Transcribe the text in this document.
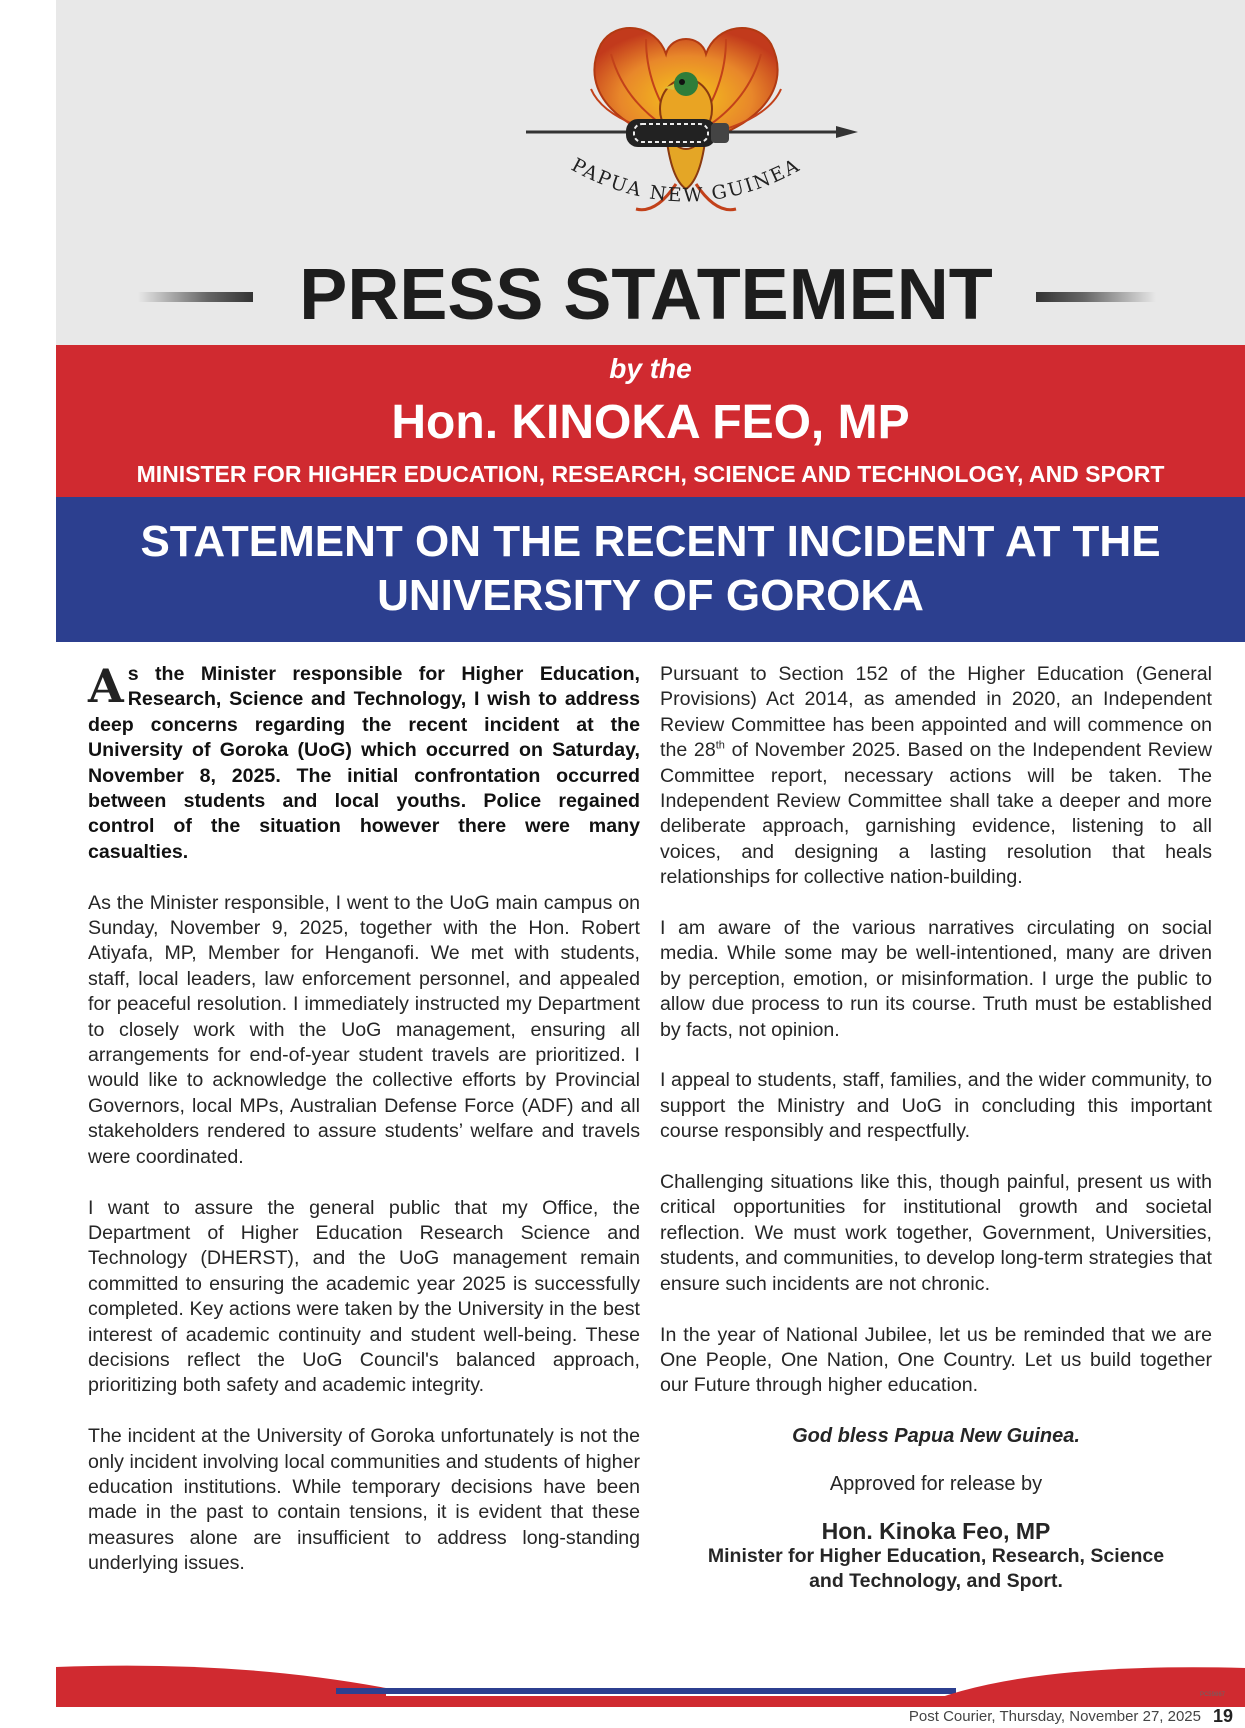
PAPUA NEW GUINEA
PRESS STATEMENT
by the
Hon. KINOKA FEO, MP
MINISTER FOR HIGHER EDUCATION, RESEARCH, SCIENCE AND TECHNOLOGY, AND SPORT
STATEMENT ON THE RECENT INCIDENT AT THE
UNIVERSITY OF GOROKA

As the Minister responsible for Higher Education, Research, Science and Technology, I wish to address deep concerns regarding the recent incident at the University of Goroka (UoG) which occurred on Saturday, November 8, 2025. The initial confrontation occurred between students and local youths. Police regained control of the situation however there were many casualties.

As the Minister responsible, I went to the UoG main campus on Sunday, November 9, 2025, together with the Hon. Robert Atiyafa, MP, Member for Henganofi. We met with students, staff, local leaders, law enforcement personnel, and appealed for peaceful resolution. I immediately instructed my Department to closely work with the UoG management, ensuring all arrangements for end-of-year student travels are prioritized. I would like to acknowledge the collective efforts by Provincial Governors, local MPs, Australian Defense Force (ADF) and all stakeholders rendered to assure students’ welfare and travels were coordinated.

I want to assure the general public that my Office, the Department of Higher Education Research Science and Technology (DHERST), and the UoG management remain committed to ensuring the academic year 2025 is successfully completed. Key actions were taken by the University in the best interest of academic continuity and student well-being. These decisions reflect the UoG Council's balanced approach, prioritizing both safety and academic integrity.

The incident at the University of Goroka unfortunately is not the only incident involving local communities and students of higher education institutions. While temporary decisions have been made in the past to contain tensions, it is evident that these measures alone are insufficient to address long-standing underlying issues.

Pursuant to Section 152 of the Higher Education (General Provisions) Act 2014, as amended in 2020, an Independent Review Committee has been appointed and will commence on the 28th of November 2025. Based on the Independent Review Committee report, necessary actions will be taken. The Independent Review Committee shall take a deeper and more deliberate approach, garnishing evidence, listening to all voices, and designing a lasting resolution that heals relationships for collective nation-building.

I am aware of the various narratives circulating on social media. While some may be well-intentioned, many are driven by perception, emotion, or misinformation. I urge the public to allow due process to run its course. Truth must be established by facts, not opinion.

I appeal to students, staff, families, and the wider community, to support the Ministry and UoG in concluding this important course responsibly and respectfully.

Challenging situations like this, though painful, present us with critical opportunities for institutional growth and societal reflection. We must work together, Government, Universities, students, and communities, to develop long-term strategies that ensure such incidents are not chronic.

In the year of National Jubilee, let us be reminded that we are One People, One Nation, One Country. Let us build together our Future through higher education.

God bless Papua New Guinea.
Approved for release by
Hon. Kinoka Feo, MP
Minister for Higher Education, Research, Science
and Technology, and Sport.
PC59867
Post Courier, Thursday, November 27, 2025 19
